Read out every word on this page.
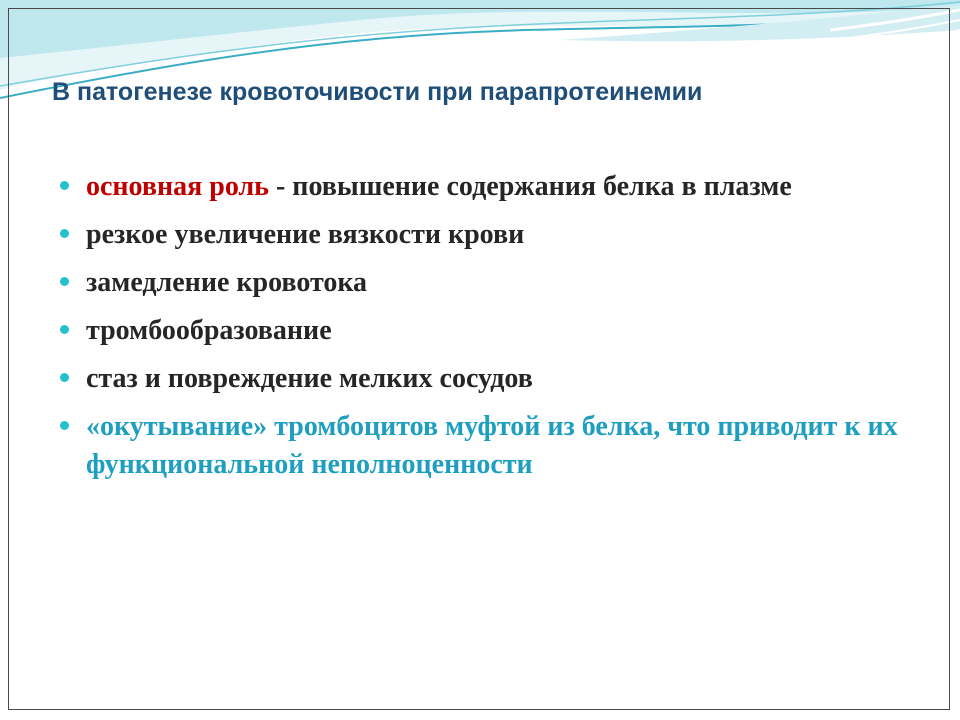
В патогенезе кровоточивости при парапротеинемии
основная роль - повышение содержания белка в плазме
резкое увеличение вязкости крови
замедление кровотока
тромбообразование
стаз и повреждение мелких сосудов
«окутывание» тромбоцитов муфтой из белка, что приводит к их функциональной неполноценности
